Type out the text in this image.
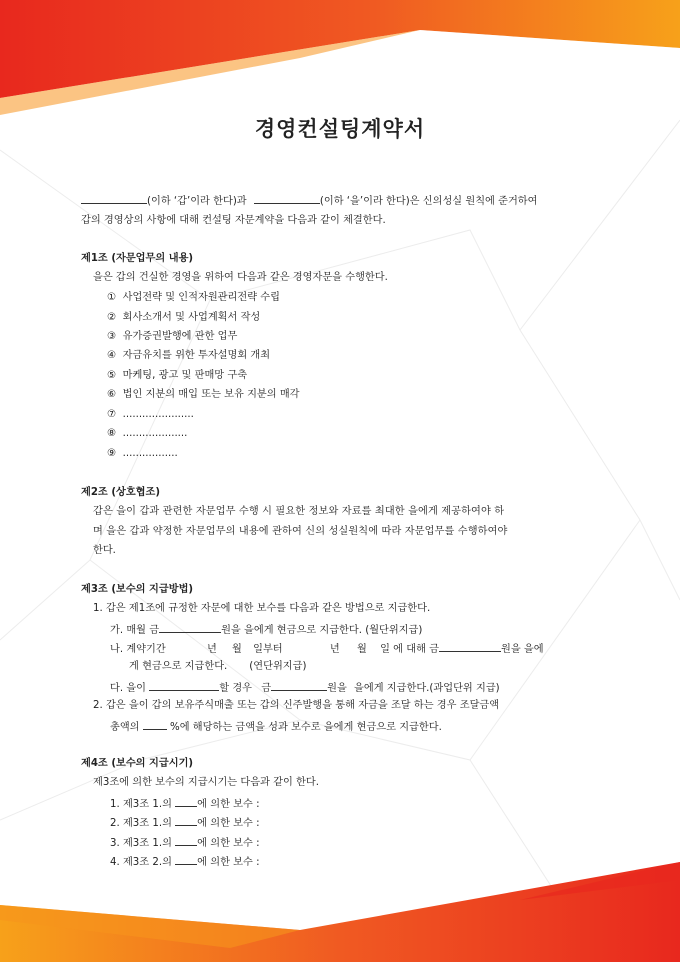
경영컨설팅계약서
(이하 ‘갑’이라 한다)과	(이하 ‘을’이라 한다)은 신의성실 원칙에 준거하여
갑의 경영상의 사항에 대해 컨설팅 자문계약을 다음과 같이 체결한다.
제1조 (자문업무의 내용)
을은 갑의 건실한 경영을 위하여 다음과 같은 경영자문을 수행한다.
① 사업전략 및 인적자원관리전략 수립
② 회사소개서 및 사업계획서 작성
③ 유가증권발행에 관한 업무
④ 자금유치를 위한 투자설명회 개최
⑤ 마케팅, 광고 및 판매망 구축
⑥ 법인 지분의 매입 또는 보유 지분의 매각
⑦ ......................
⑧ ....................
⑨ .................
제2조 (상호협조)
갑은 을이 갑과 관련한 자문업무 수행 시 필요한 정보와 자료를 최대한 을에게 제공하여야 하
며 을은 갑과 약정한 자문업무의 내용에 관하여 신의 성실원칙에 따라 자문업무를 수행하여야
한다.
제3조 (보수의 지급방법)
1. 갑은 제1조에 규정한 자문에 대한 보수를 다음과 같은 방법으로 지급한다.
가. 매월 금	원을 을에게 현금으로 지급한다. (월단위지급)
나. 계약기간	년 월 일부터	년 월 일 에 대해 금	원을 을에
게 현금으로 지급한다. (연단위지급)
다. 을이	할 경우 금	원을 을에게 지급한다.(과업단위 지급)
2. 갑은 을이 갑의 보유주식매출 또는 갑의 신주발행을 통해 자금을 조달 하는 경우 조달금액
총액의	%에 해당하는 금액을 성과 보수로 을에게 현금으로 지급한다.
제4조 (보수의 지급시기)
제3조에 의한 보수의 지급시기는 다음과 같이 한다.
1. 제3조 1.의 에 의한 보수 :
2. 제3조 1.의 에 의한 보수 :
3. 제3조 1.의 에 의한 보수 :
4. 제3조 2.의 에 의한 보수 :
